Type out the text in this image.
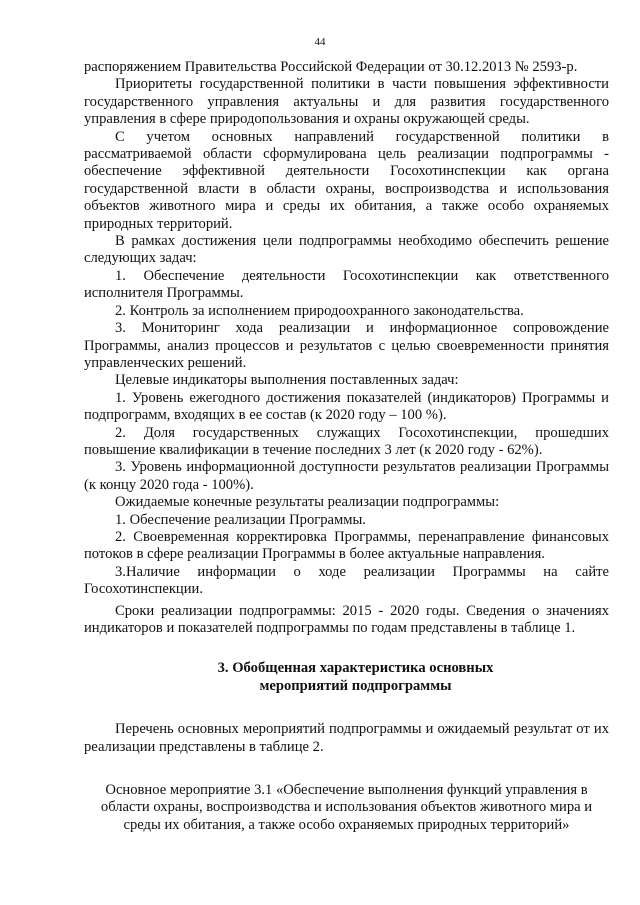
44

распоряжением Правительства Российской Федерации от 30.12.2013 № 2593-р.

Приоритеты государственной политики в части повышения эффективности государственного управления актуальны и для развития государственного управления в сфере природопользования и охраны окружающей среды.

С учетом основных направлений государственной политики в рассматриваемой области сформулирована цель реализации подпрограммы - обеспечение эффективной деятельности Госохотинспекции как органа государственной власти в области охраны, воспроизводства и использования объектов животного мира и среды их обитания, а также особо охраняемых природных территорий.

В рамках достижения цели подпрограммы необходимо обеспечить решение следующих задач:

1. Обеспечение деятельности Госохотинспекции как ответственного исполнителя Программы.

2. Контроль за исполнением природоохранного законодательства.

3. Мониторинг хода реализации и информационное сопровождение Программы, анализ процессов и результатов с целью своевременности принятия управленческих решений.

Целевые индикаторы выполнения поставленных задач:

1. Уровень ежегодного достижения показателей (индикаторов) Программы и подпрограмм, входящих в ее состав (к 2020 году – 100 %).

2. Доля государственных служащих Госохотинспекции, прошедших повышение квалификации в течение последних 3 лет (к 2020 году - 62%).

3. Уровень информационной доступности результатов реализации Программы (к концу 2020 года - 100%).

Ожидаемые конечные результаты реализации подпрограммы:

1. Обеспечение реализации Программы.

2. Своевременная корректировка Программы, перенаправление финансовых потоков в сфере реализации Программы в более актуальные направления.

3.Наличие информации о ходе реализации Программы на сайте Госохотинспекции.

Сроки реализации подпрограммы: 2015 - 2020 годы. Сведения о значениях индикаторов и показателей подпрограммы по годам представлены в таблице 1.

3. Обобщенная характеристика основных
мероприятий подпрограммы

Перечень основных мероприятий подпрограммы и ожидаемый результат от их реализации представлены в таблице 2.

Основное мероприятие 3.1 «Обеспечение выполнения функций управления в области охраны, воспроизводства и использования объектов животного мира и среды их обитания, а также особо охраняемых природных территорий»
